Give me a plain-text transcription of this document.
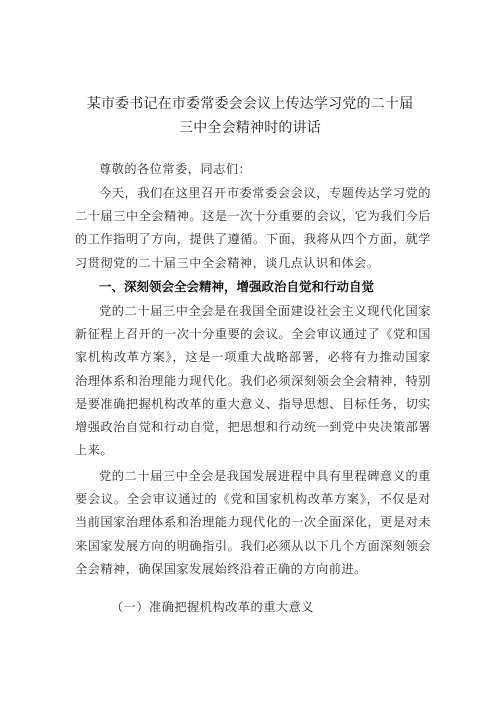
某市委书记在市委常委会会议上传达学习党的二十届
三中全会精神时的讲话

尊敬的各位常委，同志们：

今天，我们在这里召开市委常委会会议，专题传达学习党的二十届三中全会精神。这是一次十分重要的会议，它为我们今后的工作指明了方向，提供了遵循。下面，我将从四个方面，就学习贯彻党的二十届三中全会精神，谈几点认识和体会。

一、深刻领会全会精神，增强政治自觉和行动自觉

党的二十届三中全会是在我国全面建设社会主义现代化国家新征程上召开的一次十分重要的会议。全会审议通过了《党和国家机构改革方案》，这是一项重大战略部署，必将有力推动国家治理体系和治理能力现代化。我们必须深刻领会全会精神，特别是要准确把握机构改革的重大意义、指导思想、目标任务，切实增强政治自觉和行动自觉，把思想和行动统一到党中央决策部署上来。

党的二十届三中全会是我国发展进程中具有里程碑意义的重要会议。全会审议通过的《党和国家机构改革方案》，不仅是对当前国家治理体系和治理能力现代化的一次全面深化，更是对未来国家发展方向的明确指引。我们必须从以下几个方面深刻领会全会精神，确保国家发展始终沿着正确的方向前进。

（一）准确把握机构改革的重大意义
